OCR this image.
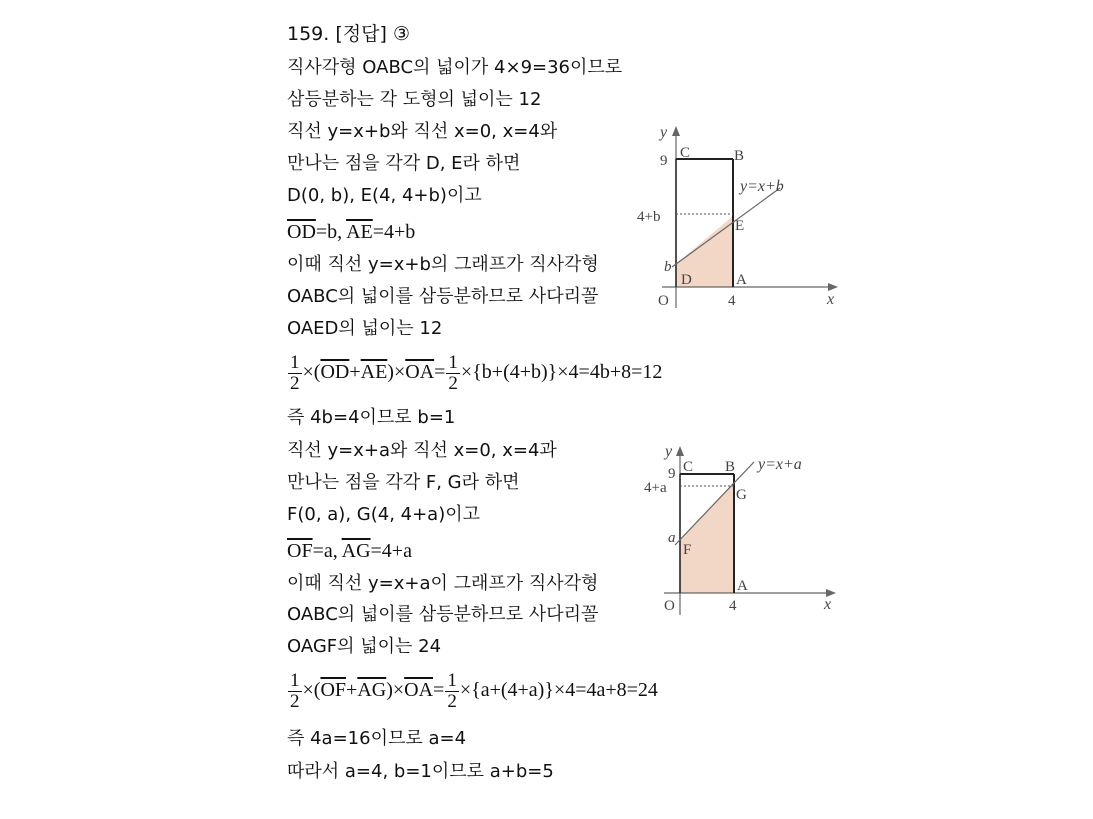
159. [정답] ③
직사각형 OABC의 넓이가 4×9=36이므로
삼등분하는 각 도형의 넓이는 12
직선 y=x+b와 직선 x=0, x=4와
만나는 점을 각각 D, E라 하면
D(0, b), E(4, 4+b)이고
$\overline{OD}=b$, $\overline{AE}=4+b$
이때 직선 y=x+b의 그래프가 직사각형
OABC의 넓이를 삼등분하므로 사다리꼴
OAED의 넓이는 12
$\frac{1}{2} \times(\overline{OD}+\overline{AE})\times\overline{OA}= \frac{1}{2} \times\{b+(4+b)\}\times 4=4b+8=12$
즉 4b=4이므로 b=1
직선 y=x+a와 직선 x=0, x=4과
만나는 점을 각각 F, G라 하면
F(0, a), G(4, 4+a)이고
$\overline{OF}=a$, $\overline{AG}=4+a$
이때 직선 y=x+a이 그래프가 직사각형
OABC의 넓이를 삼등분하므로 사다리꼴
OAGF의 넓이는 24
$\frac{1}{2} \times(\overline{OF}+\overline{AG})\times\overline{OA}= \frac{1}{2} \times\{a+(4+a)\}\times 4=4a+8=24$
즉 4a=16이므로 a=4
따라서 a=4, b=1이므로 a+b=5
y
x
O
9
4+b
b
4
C	B
E
D	A
y=x+b
y
x
O
9
4+a
a
4
C B
G
F
A
y=x+a
